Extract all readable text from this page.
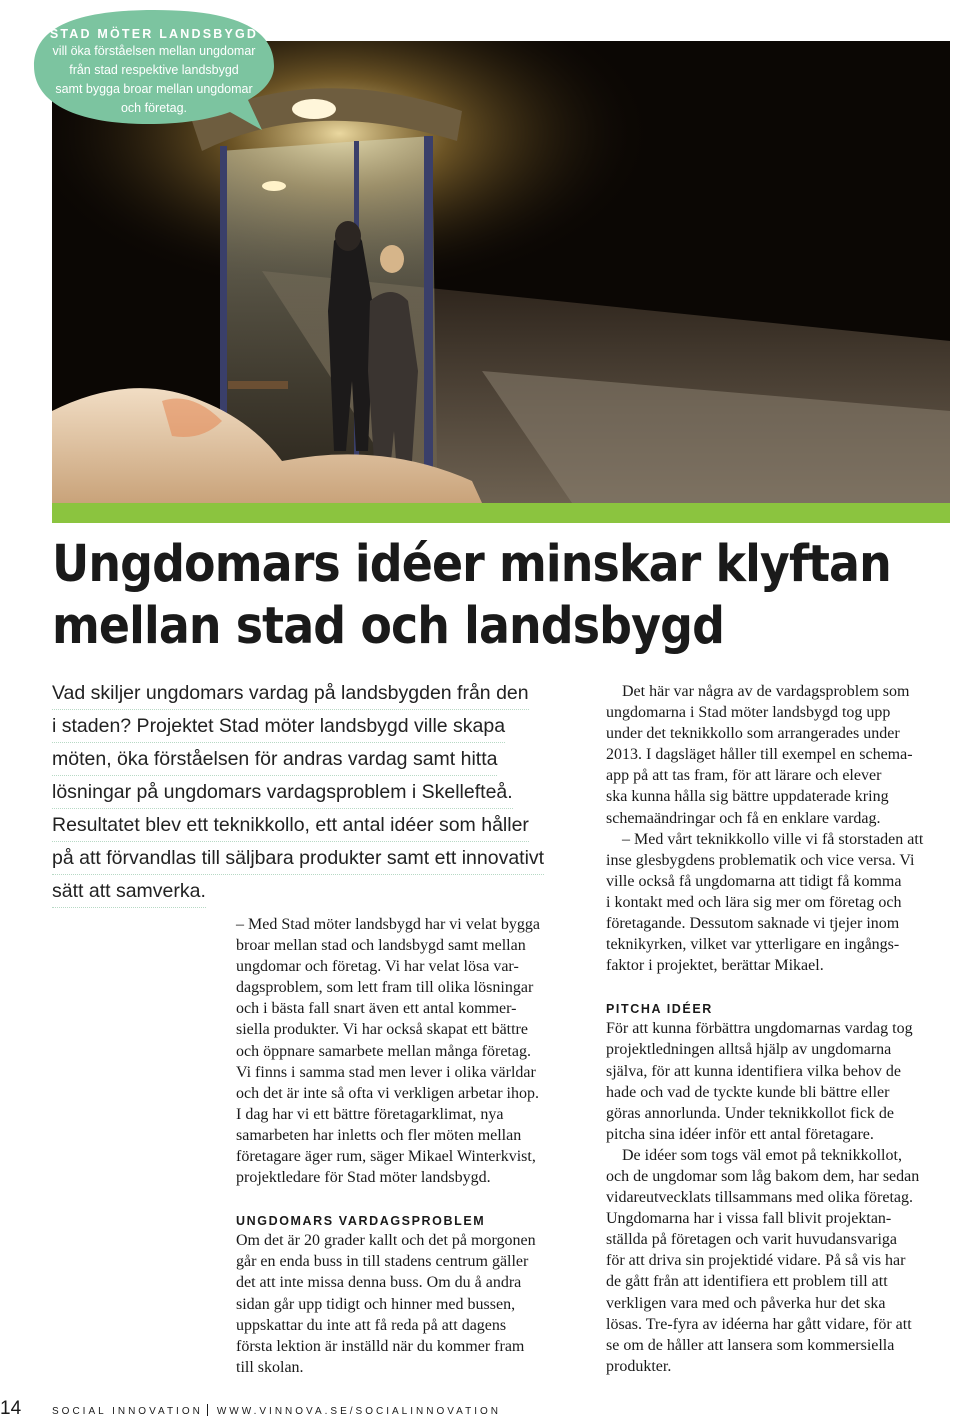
STAD MÖTER LANDSBYGD
vill öka förståelsen mellan ungdomar
från stad respektive landsbygd
samt bygga broar mellan ungdomar
och företag.
Ungdomars idéer minskar klyftan
mellan stad och landsbygd
Vad skiljer ungdomars vardag på landsbygden från den
i staden? Projektet Stad möter landsbygd ville skapa
möten, öka förståelsen för andras vardag samt hitta
lösningar på ungdomars vardagsproblem i Skellefteå.
Resultatet blev ett teknikkollo, ett antal idéer som håller
på att förvandlas till säljbara produkter samt ett innovativt
sätt att samverka.

– Med Stad möter landsbygd har vi velat bygga
broar mellan stad och landsbygd samt mellan
ungdomar och företag. Vi har velat lösa var-
dagsproblem, som lett fram till olika lösningar
och i bästa fall snart även ett antal kommer-
siella produkter. Vi har också skapat ett bättre
och öppnare samarbete mellan många företag.
Vi finns i samma stad men lever i olika världar
och det är inte så ofta vi verkligen arbetar ihop.
I dag har vi ett bättre företagarklimat, nya
samarbeten har inletts och fler möten mellan
företagare äger rum, säger Mikael Winterkvist,
projektledare för Stad möter landsbygd.

UNGDOMARS VARDAGSPROBLEM

Om det är 20 grader kallt och det på morgonen
går en enda buss in till stadens centrum gäller
det att inte missa denna buss. Om du å andra
sidan går upp tidigt och hinner med bussen,
uppskattar du inte att få reda på att dagens
första lektion är inställd när du kommer fram
till skolan.

Det här var några av de vardagsproblem som
ungdomarna i Stad möter landsbygd tog upp
under det teknikkollo som arrangerades under
2013. I dagsläget håller till exempel en schema-
app på att tas fram, för att lärare och elever
ska kunna hålla sig bättre uppdaterade kring
schemaändringar och få en enklare vardag.

– Med vårt teknikkollo ville vi få storstaden att
inse glesbygdens problematik och vice versa. Vi
ville också få ungdomarna att tidigt få komma
i kontakt med och lära sig mer om företag och
företagande. Dessutom saknade vi tjejer inom
teknikyrken, vilket var ytterligare en ingångs-
faktor i projektet, berättar Mikael.

PITCHA IDÉER

För att kunna förbättra ungdomarnas vardag tog
projektledningen alltså hjälp av ungdomarna
själva, för att kunna identifiera vilka behov de
hade och vad de tyckte kunde bli bättre eller
göras annorlunda. Under teknikkollot fick de
pitcha sina idéer inför ett antal företagare.

De idéer som togs väl emot på teknikkollot,
och de ungdomar som låg bakom dem, har sedan
vidareutvecklats tillsammans med olika företag.
Ungdomarna har i vissa fall blivit projektan-
ställda på företagen och varit huvudansvariga
för att driva sin projektidé vidare. På så vis har
de gått från att identifiera ett problem till att
verkligen vara med och påverka hur det ska
lösas. Tre-fyra av idéerna har gått vidare, för att
se om de håller att lansera som kommersiella
produkter.

14	SOCIAL INNOVATION WWW.VINNOVA.SE/SOCIALINNOVATION
